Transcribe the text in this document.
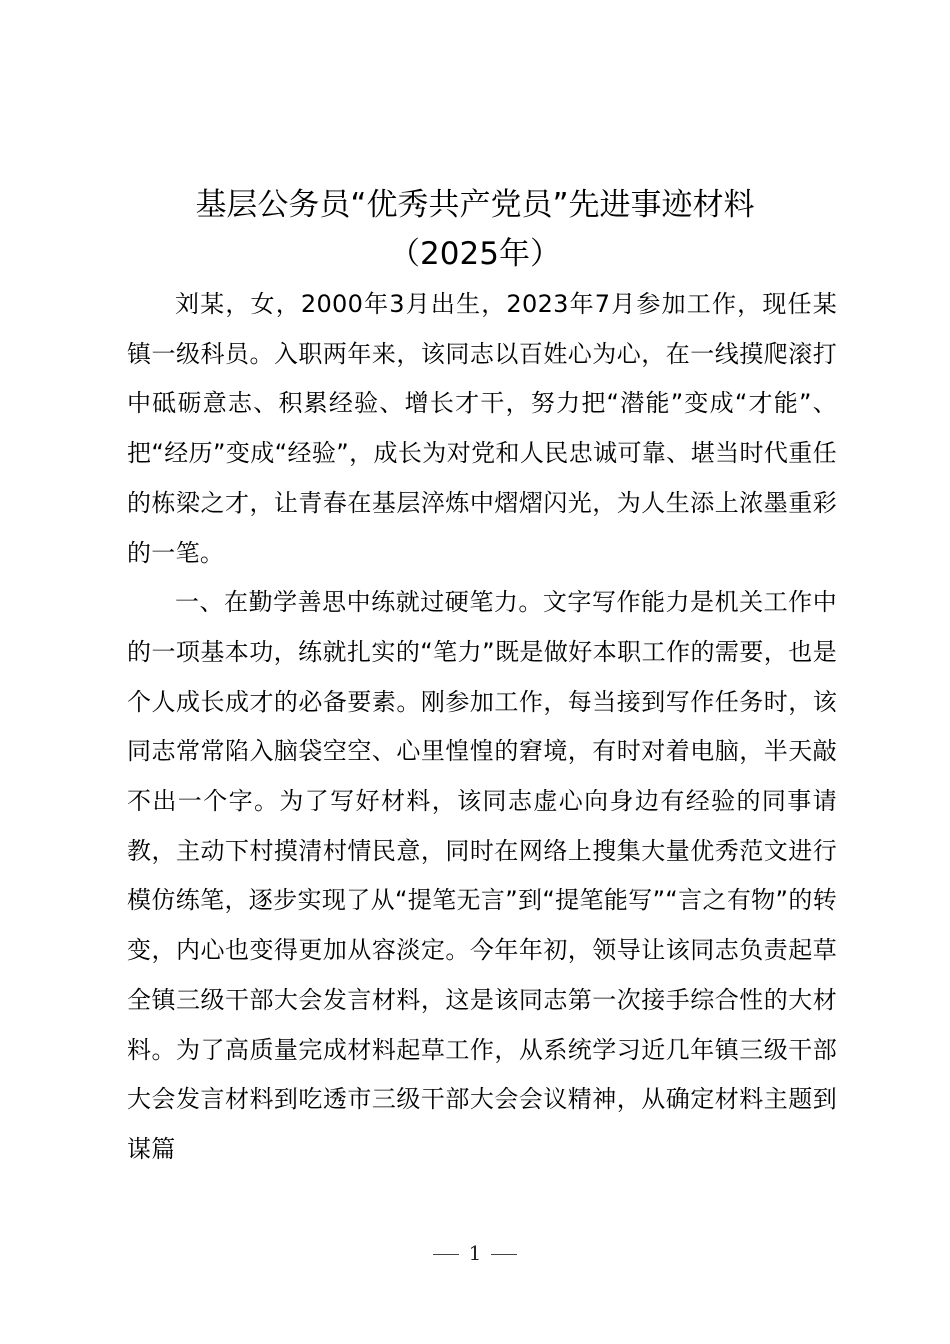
基层公务员“优秀共产党员”先进事迹材料
（2025年）

刘某，女，2000年3月出生，2023年7月参加工作，现任某镇一级科员。入职两年来，该同志以百姓心为心，在一线摸爬滚打中砥砺意志、积累经验、增长才干，努力把“潜能”变成“才能”、把“经历”变成“经验”，成长为对党和人民忠诚可靠、堪当时代重任的栋梁之才，让青春在基层淬炼中熠熠闪光，为人生添上浓墨重彩的一笔。

一、在勤学善思中练就过硬笔力。文字写作能力是机关工作中的一项基本功，练就扎实的“笔力”既是做好本职工作的需要，也是个人成长成才的必备要素。刚参加工作，每当接到写作任务时，该同志常常陷入脑袋空空、心里惶惶的窘境，有时对着电脑，半天敲不出一个字。为了写好材料，该同志虚心向身边有经验的同事请教，主动下村摸清村情民意，同时在网络上搜集大量优秀范文进行模仿练笔，逐步实现了从“提笔无言”到“提笔能写”“言之有物”的转变，内心也变得更加从容淡定。今年年初，领导让该同志负责起草全镇三级干部大会发言材料，这是该同志第一次接手综合性的大材料。为了高质量完成材料起草工作，从系统学习近几年镇三级干部大会发言材料到吃透市三级干部大会会议精神，从确定材料主题到谋篇

1
